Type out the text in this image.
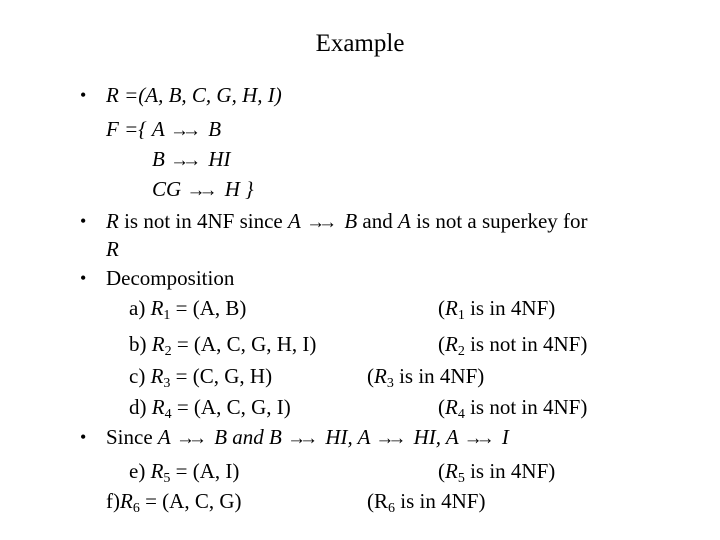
Example
•
•
•
•
R =(A, B, C, G, H, I)
F ={ A →→ B
B →→ HI
CG →→ H }
R is not in 4NF since A →→ B and A is not a superkey for
R
Decomposition
a) $R_1 = (A$, B)	($R_1$ is in 4NF)
b) $R_2 = (A$, C, G, H, I)	($R_2$ is not in 4NF)
c) $R_3 = (C$, G, H)	($R_3$ is in 4NF)
d) $R_4 = (A$, C, G, I)	($R_4$ is not in 4NF)
Since A →→ B and B →→ HI, A →→ HI, A →→ I
e) $R_5 = (A$, I)	($R_5$ is in 4NF)
$f)R_6 = (A$, C, G)	($R_6$ is in 4NF)
